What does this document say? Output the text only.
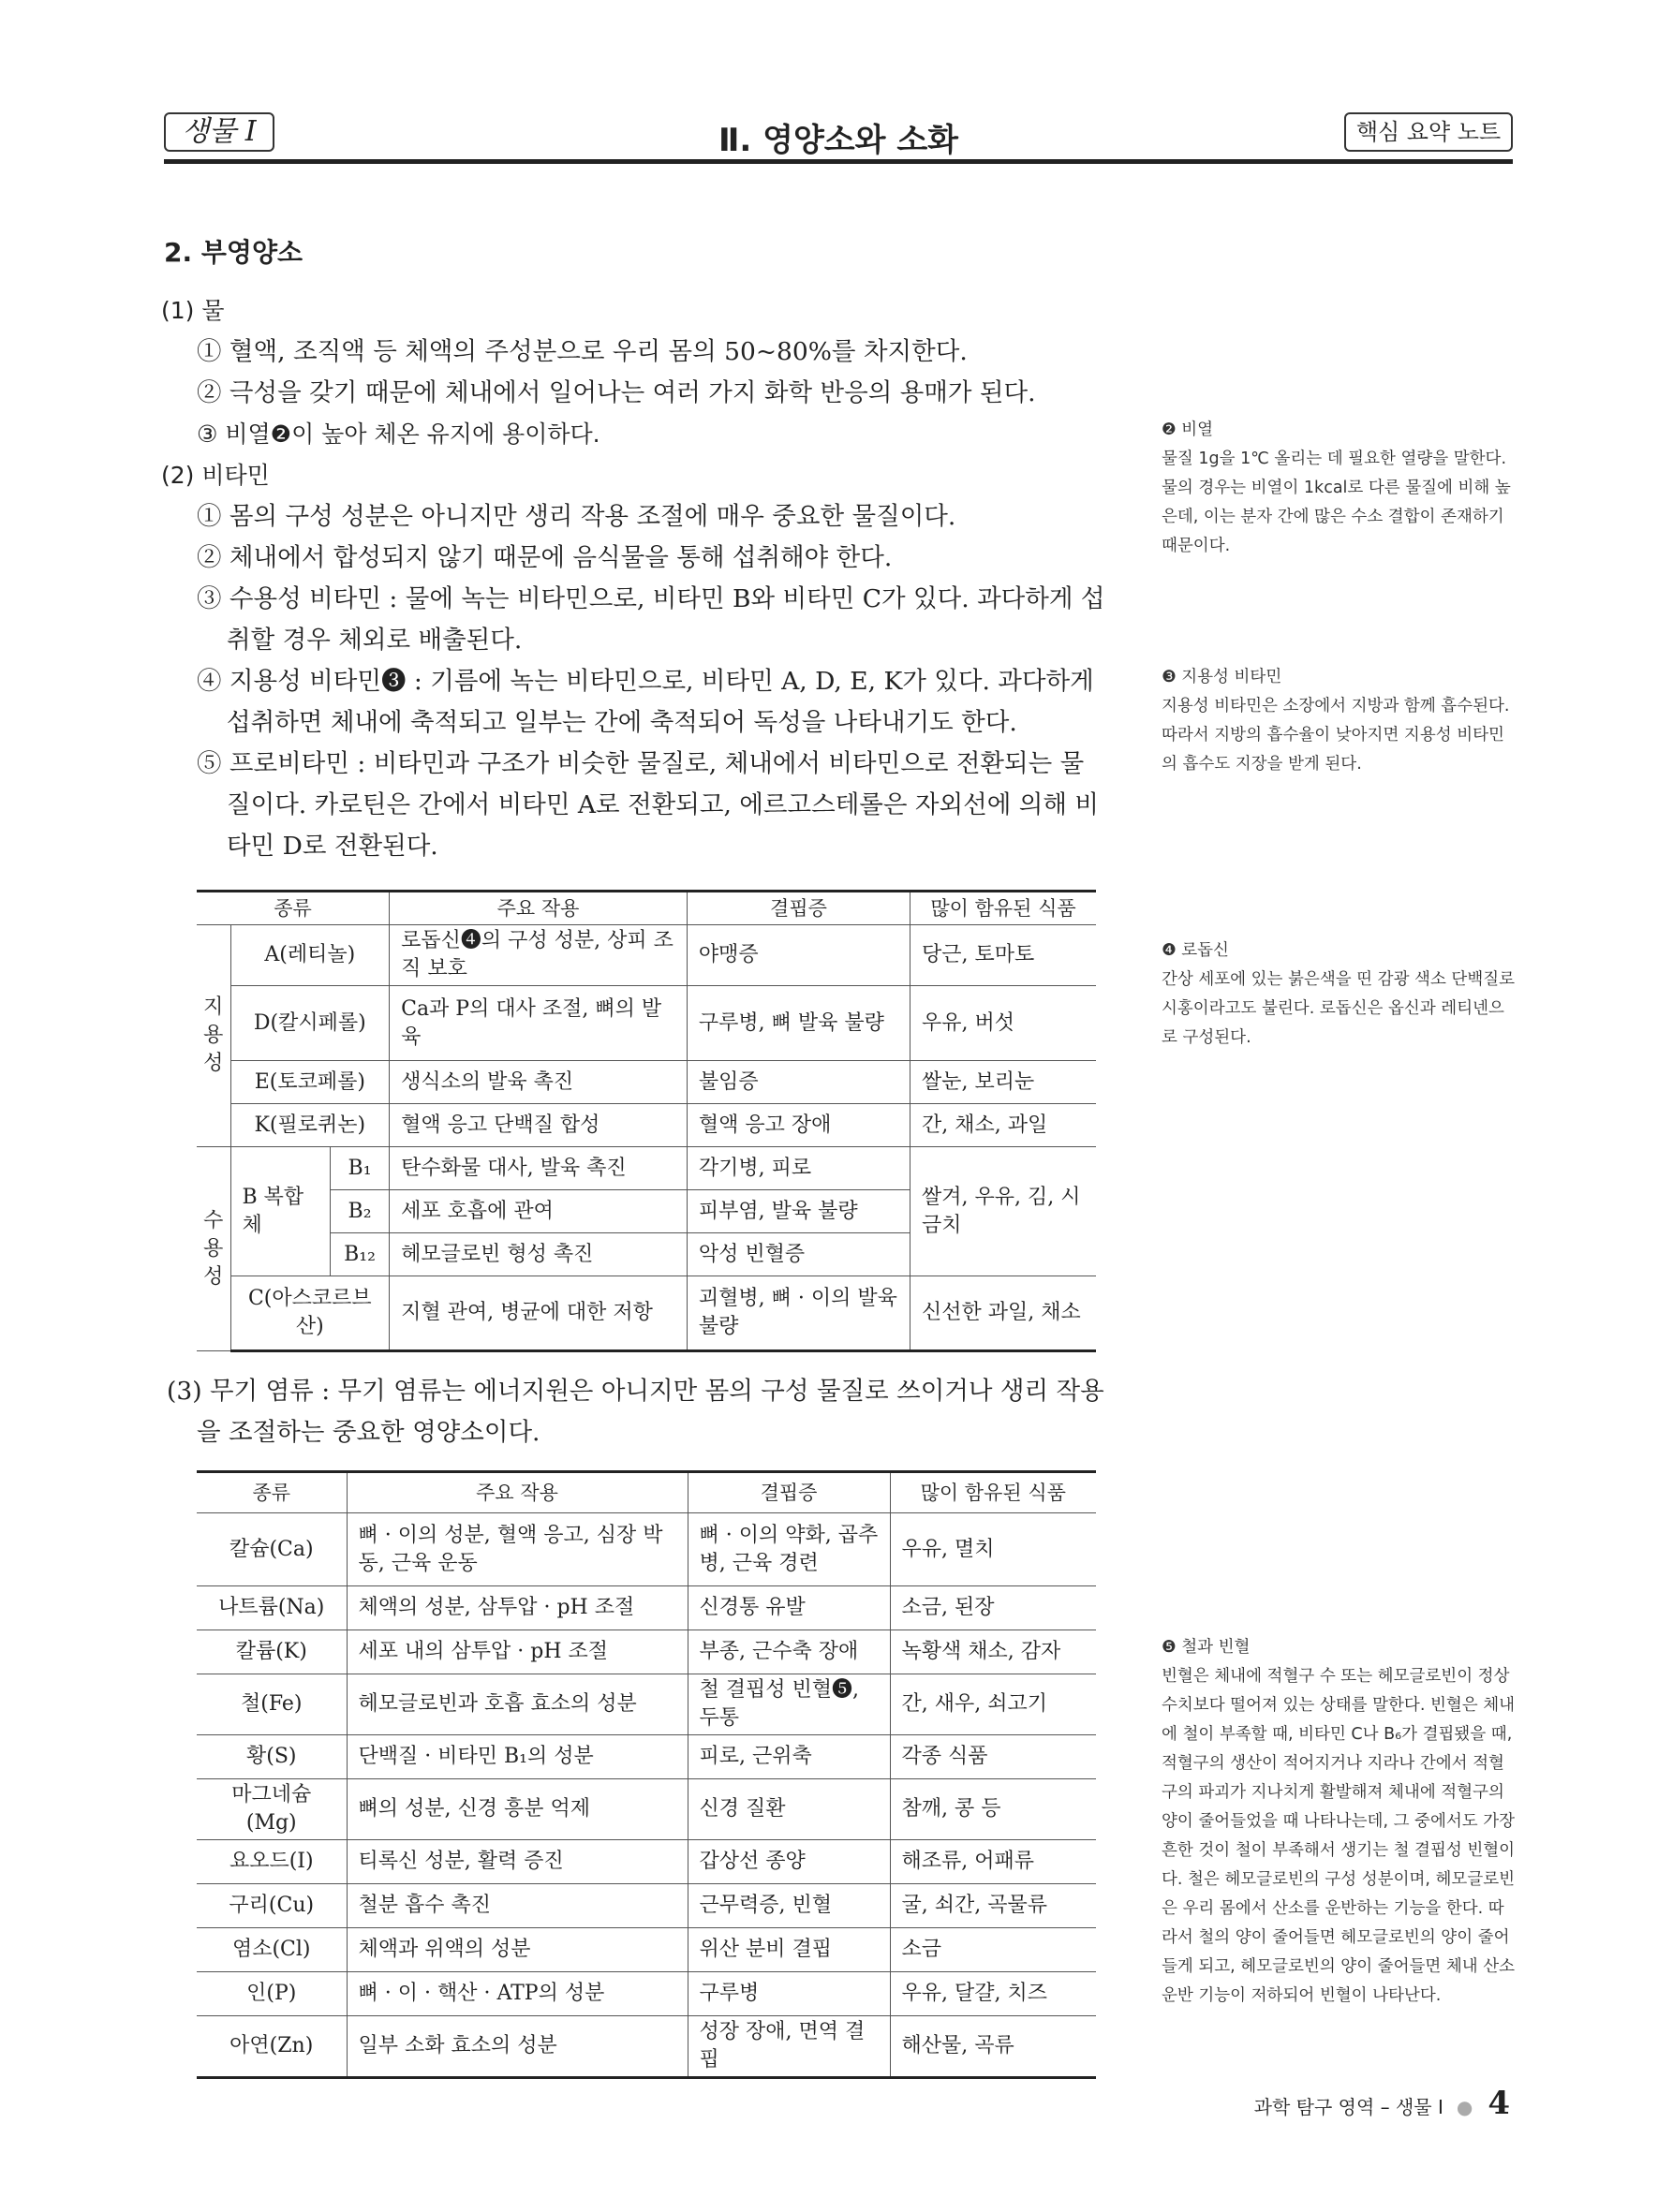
생물 I	Ⅱ. 영양소와 소화	핵심 요약 노트
2. 부영양소
(1) 물
① 혈액, 조직액 등 체액의 주성분으로 우리 몸의 50~80%를 차지한다.
② 극성을 갖기 때문에 체내에서 일어나는 여러 가지 화학 반응의 용매가 된다.
③ 비열❷이 높아 체온 유지에 용이하다.
(2) 비타민
① 몸의 구성 성분은 아니지만 생리 작용 조절에 매우 중요한 물질이다.
② 체내에서 합성되지 않기 때문에 음식물을 통해 섭취해야 한다.
③ 수용성 비타민 : 물에 녹는 비타민으로, 비타민 B와 비타민 C가 있다. 과다하게 섭취할 경우 체외로 배출된다.
④ 지용성 비타민❸ : 기름에 녹는 비타민으로, 비타민 A, D, E, K가 있다. 과다하게 섭취하면 체내에 축적되고 일부는 간에 축적되어 독성을 나타내기도 한다.
⑤ 프로비타민 : 비타민과 구조가 비슷한 물질로, 체내에서 비타민으로 전환되는 물질이다. 카로틴은 간에서 비타민 A로 전환되고, 에르고스테롤은 자외선에 의해 비타민 D로 전환된다.
종류			주요 작용	결핍증	많이 함유된 식품
지용성	A(레티놀)		로돕신❹의 구성 성분, 상피 조직 보호	야맹증	당근, 토마토
	D(칼시페롤)		Ca과 P의 대사 조절, 뼈의 발육	구루병, 뼈 발육 불량	우유, 버섯
	E(토코페롤)		생식소의 발육 촉진	불임증	쌀눈, 보리눈
	K(필로퀴논)		혈액 응고 단백질 합성	혈액 응고 장애	간, 채소, 과일
수용성	B 복합체	B₁	탄수화물 대사, 발육 촉진	각기병, 피로	쌀겨, 우유, 김, 시금치
		B₂	세포 호흡에 관여	피부염, 발육 불량	
		B₁₂	헤모글로빈 형성 촉진	악성 빈혈증	
	C(아스코르브산)		지혈 관여, 병균에 대한 저항	괴혈병, 뼈 · 이의 발육 불량	신선한 과일, 채소
(3) 무기 염류 : 무기 염류는 에너지원은 아니지만 몸의 구성 물질로 쓰이거나 생리 작용을 조절하는 중요한 영양소이다.
종류	주요 작용	결핍증	많이 함유된 식품
칼슘(Ca)	뼈 · 이의 성분, 혈액 응고, 심장 박동, 근육 운동	뼈 · 이의 약화, 곱추병, 근육 경련	우유, 멸치
나트륨(Na)	체액의 성분, 삼투압 · pH 조절	신경통 유발	소금, 된장
칼륨(K)	세포 내의 삼투압 · pH 조절	부종, 근수축 장애	녹황색 채소, 감자
철(Fe)	헤모글로빈과 호흡 효소의 성분	철 결핍성 빈혈❺, 두통	간, 새우, 쇠고기
황(S)	단백질 · 비타민 B₁의 성분	피로, 근위축	각종 식품
마그네슘(Mg)	뼈의 성분, 신경 흥분 억제	신경 질환	참깨, 콩 등
요오드(I)	티록신 성분, 활력 증진	갑상선 종양	해조류, 어패류
구리(Cu)	철분 흡수 촉진	근무력증, 빈혈	굴, 쇠간, 곡물류
염소(Cl)	체액과 위액의 성분	위산 분비 결핍	소금
인(P)	뼈 · 이 · 핵산 · ATP의 성분	구루병	우유, 달걀, 치즈
아연(Zn)	일부 소화 효소의 성분	성장 장애, 면역 결핍	해산물, 곡류
❷ 비열
물질 1g을 1℃ 올리는 데 필요한 열량을 말한다. 물의 경우는 비열이 1kcal로 다른 물질에 비해 높은데, 이는 분자 간에 많은 수소 결합이 존재하기 때문이다.
❸ 지용성 비타민
지용성 비타민은 소장에서 지방과 함께 흡수된다. 따라서 지방의 흡수율이 낮아지면 지용성 비타민의 흡수도 지장을 받게 된다.
❹ 로돕신
간상 세포에 있는 붉은색을 띤 감광 색소 단백질로 시홍이라고도 불린다. 로돕신은 옵신과 레티넨으로 구성된다.
❺ 철과 빈혈
빈혈은 체내에 적혈구 수 또는 헤모글로빈이 정상 수치보다 떨어져 있는 상태를 말한다. 빈혈은 체내에 철이 부족할 때, 비타민 C나 B₆가 결핍됐을 때, 적혈구의 생산이 적어지거나 지라나 간에서 적혈구의 파괴가 지나치게 활발해져 체내에 적혈구의 양이 줄어들었을 때 나타나는데, 그 중에서도 가장 흔한 것이 철이 부족해서 생기는 철 결핍성 빈혈이다. 철은 헤모글로빈의 구성 성분이며, 헤모글로빈은 우리 몸에서 산소를 운반하는 기능을 한다. 따라서 철의 양이 줄어들면 헤모글로빈의 양이 줄어들게 되고, 헤모글로빈의 양이 줄어들면 체내 산소 운반 기능이 저하되어 빈혈이 나타난다.
과학 탐구 영역 – 생물 I ● 4
